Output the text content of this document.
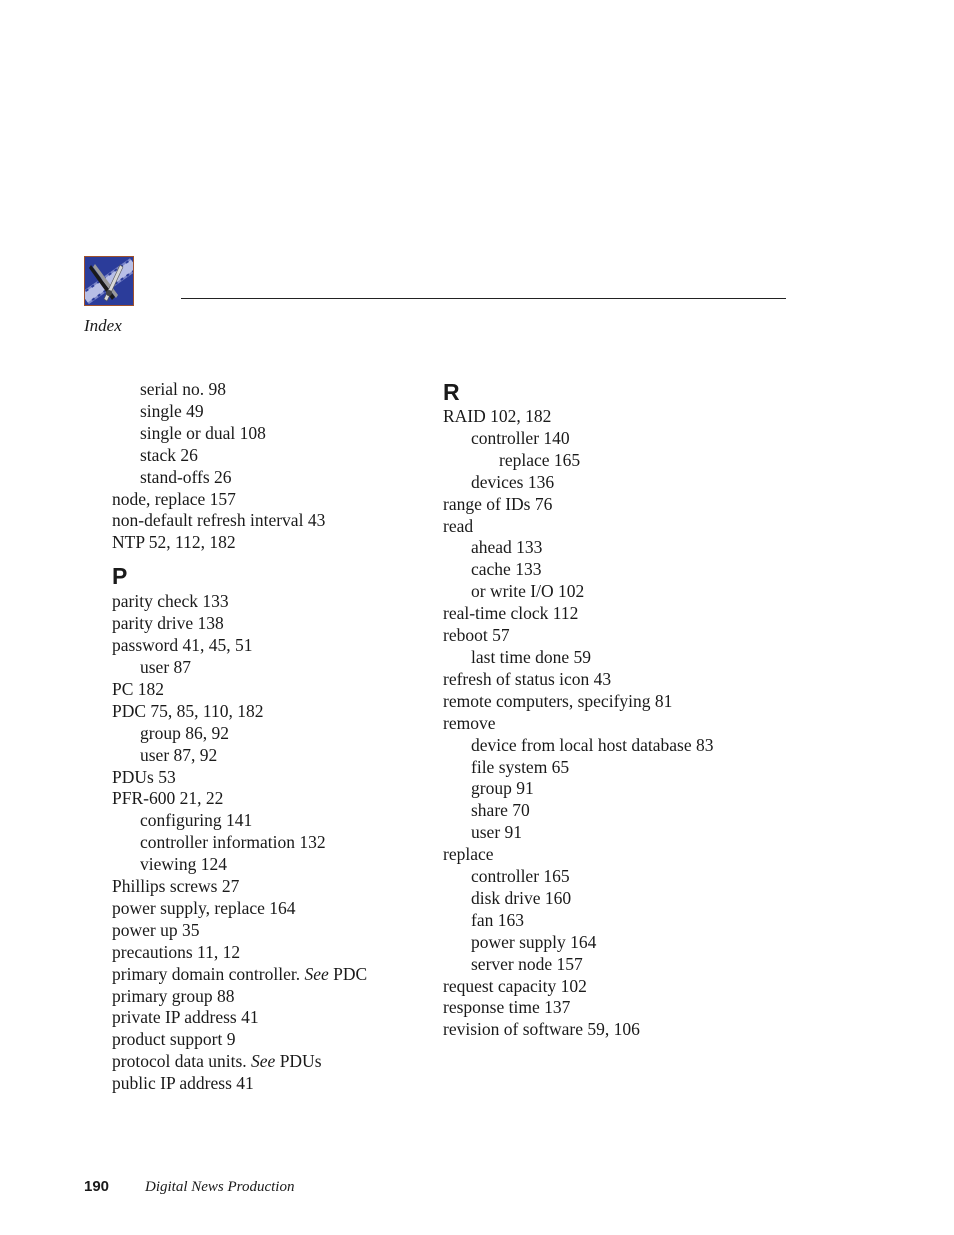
Index
serial no. 98
single 49
single or dual 108
stack 26
stand-offs 26
node, replace 157
non-default refresh interval 43
NTP 52, 112, 182
P
parity check 133
parity drive 138
password 41, 45, 51
user 87
PC 182
PDC 75, 85, 110, 182
group 86, 92
user 87, 92
PDUs 53
PFR-600 21, 22
configuring 141
controller information 132
viewing 124
Phillips screws 27
power supply, replace 164
power up 35
precautions 11, 12
primary domain controller. See PDC
primary group 88
private IP address 41
product support 9
protocol data units. See PDUs
public IP address 41
R
RAID 102, 182
controller 140
replace 165
devices 136
range of IDs 76
read
ahead 133
cache 133
or write I/O 102
real-time clock 112
reboot 57
last time done 59
refresh of status icon 43
remote computers, specifying 81
remove
device from local host database 83
file system 65
group 91
share 70
user 91
replace
controller 165
disk drive 160
fan 163
power supply 164
server node 157
request capacity 102
response time 137
revision of software 59, 106
190 Digital News Production
